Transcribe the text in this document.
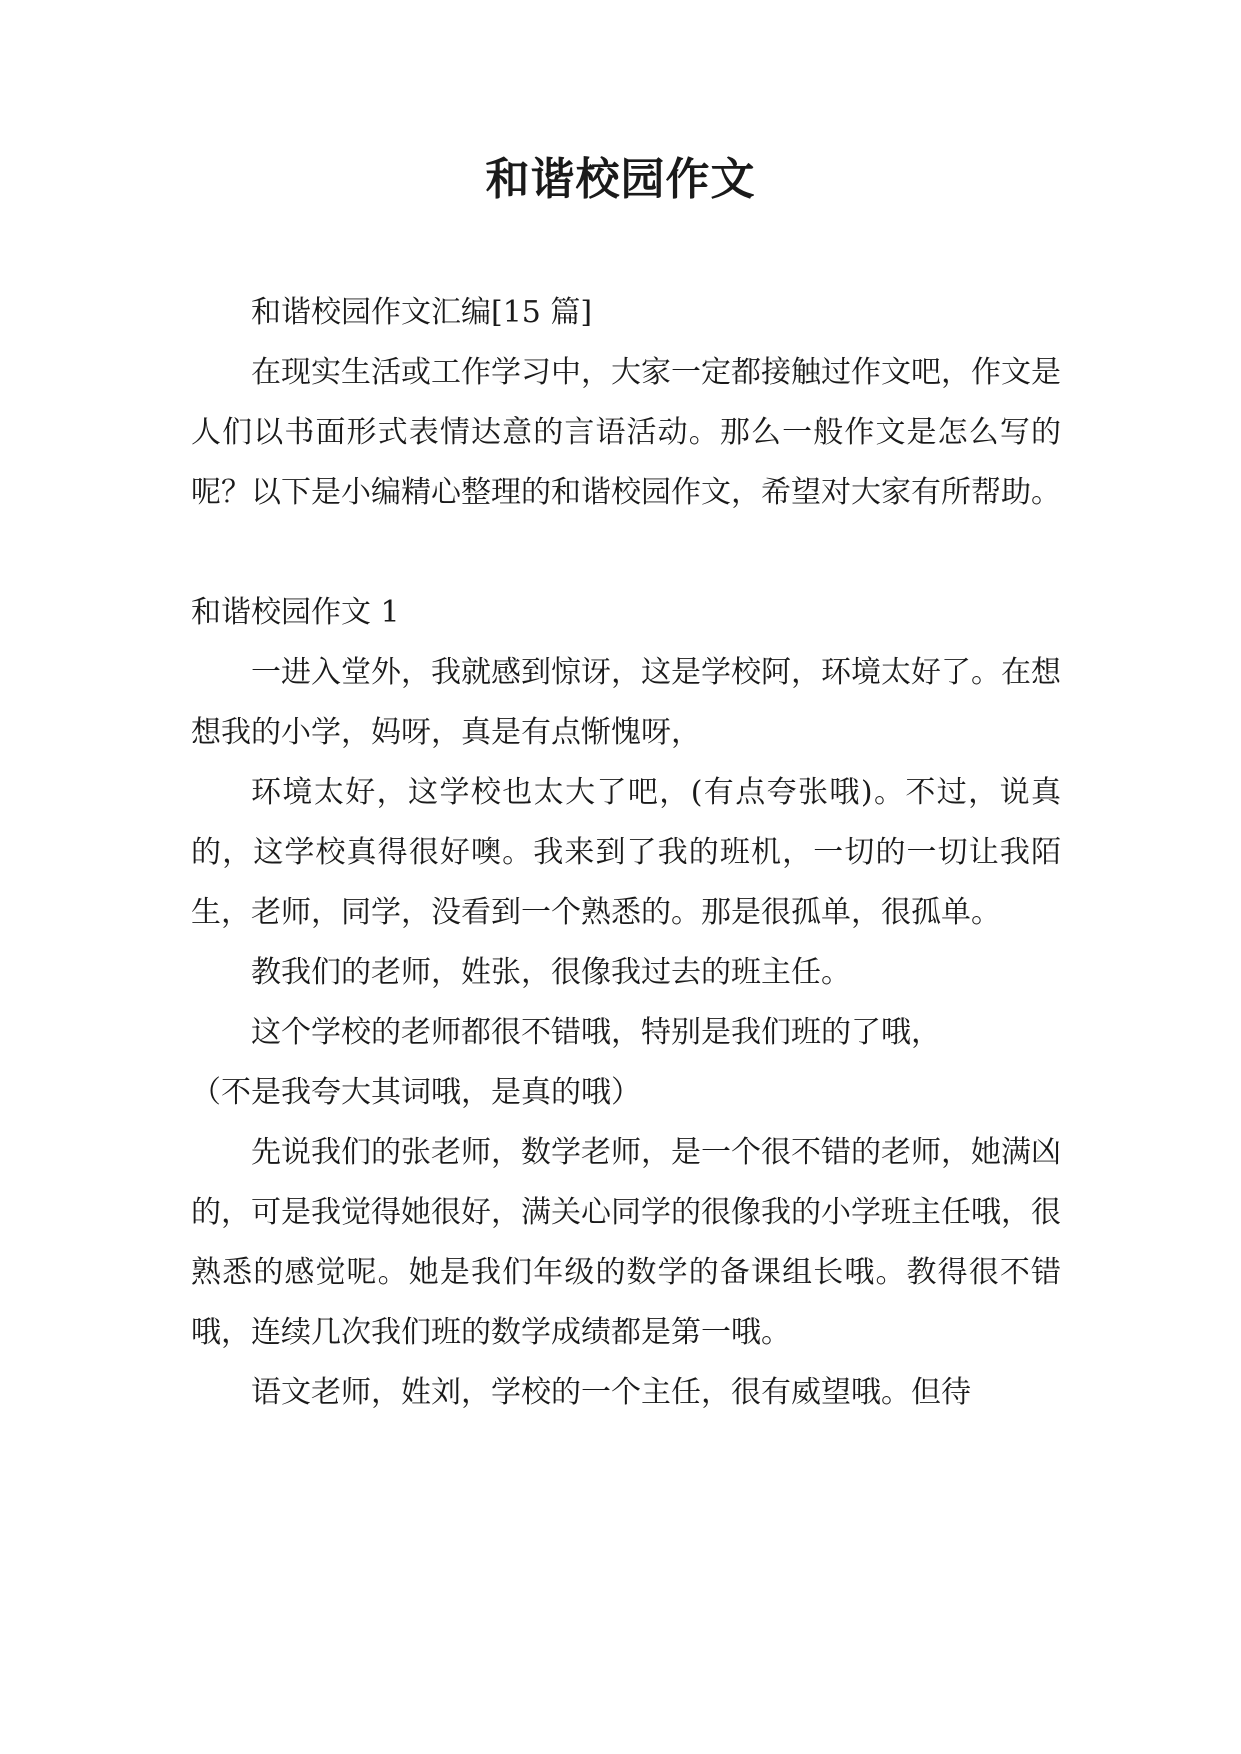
和谐校园作文

和谐校园作文汇编[15 篇]

在现实生活或工作学习中，大家一定都接触过作文吧，作文是人们以书面形式表情达意的言语活动。那么一般作文是怎么写的呢？以下是小编精心整理的和谐校园作文，希望对大家有所帮助。

和谐校园作文 1

一进入堂外，我就感到惊讶，这是学校阿，环境太好了。在想想我的小学，妈呀，真是有点惭愧呀，

环境太好，这学校也太大了吧，(有点夸张哦)。不过，说真的，这学校真得很好噢。我来到了我的班机，一切的一切让我陌生，老师，同学，没看到一个熟悉的。那是很孤单，很孤单。

教我们的老师，姓张，很像我过去的班主任。

这个学校的老师都很不错哦，特别是我们班的了哦，

（不是我夸大其词哦，是真的哦）

先说我们的张老师，数学老师，是一个很不错的老师，她满凶的，可是我觉得她很好，满关心同学的很像我的小学班主任哦，很熟悉的感觉呢。她是我们年级的数学的备课组长哦。教得很不错哦，连续几次我们班的数学成绩都是第一哦。

语文老师，姓刘，学校的一个主任，很有威望哦。但待
